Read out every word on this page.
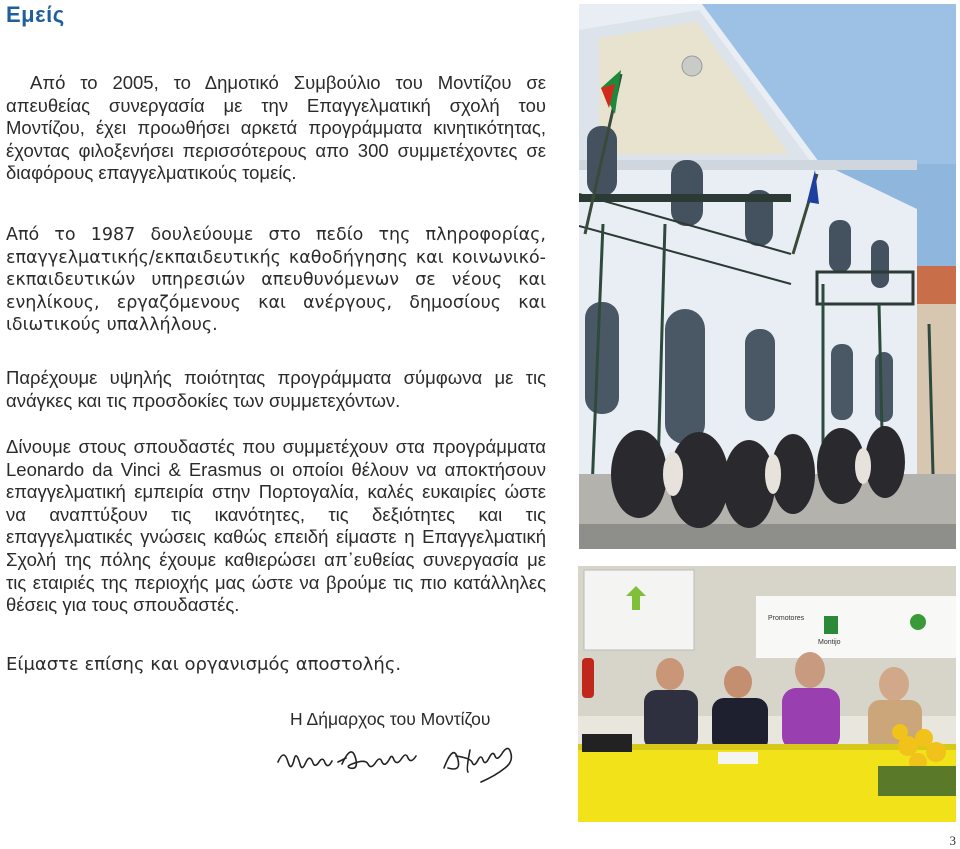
Εμείς
Από το 2005, το Δημοτικό Συμβούλιο του Μοντίζου σε απευθείας συνεργασία με την Επαγγελματική σχολή του Μοντίζου, έχει προωθήσει αρκετά προγράμματα κινητικότητας, έχοντας φιλοξενήσει περισσότερους απο 300 συμμετέχοντες σε διαφόρους επαγγελματικούς τομείς.
Από το 1987 δουλεύουμε στο πεδίο της πληροφορίας, επαγγελματικής/εκπαιδευτικής καθοδήγησης και κοινωνικό-εκπαιδευτικών υπηρεσιών απευθυνόμενων σε νέους και ενηλίκους, εργαζόμενους και ανέργους, δημοσίους και ιδιωτικούς υπαλλήλους.
Παρέχουμε υψηλής ποιότητας προγράμματα σύμφωνα με τις ανάγκες και τις προσδοκίες των συμμετεχόντων.
Δίνουμε στους σπουδαστές που συμμετέχουν στα προγράμματα Leonardo da Vinci & Erasmus οι οποίοι θέλουν να αποκτήσουν επαγγελματική εμπειρία στην Πορτογαλία, καλές ευκαιρίες ώστε να αναπτύξουν τις ικανότητες, τις δεξιότητες και τις επαγγελματικές γνώσεις καθώς επειδή είμαστε η Επαγγελματική Σχολή της πόλης έχουμε καθιερώσει απ᾿ευθείας συνεργασία με τις εταιριές της περιοχής μας ώστε να βρούμε τις πιο κατάλληλες θέσεις για τους σπουδαστές.
Είμαστε επίσης και οργανισμός αποστολής.
Η Δήμαρχος του Μοντίζου
Promotores
Montijo
3
